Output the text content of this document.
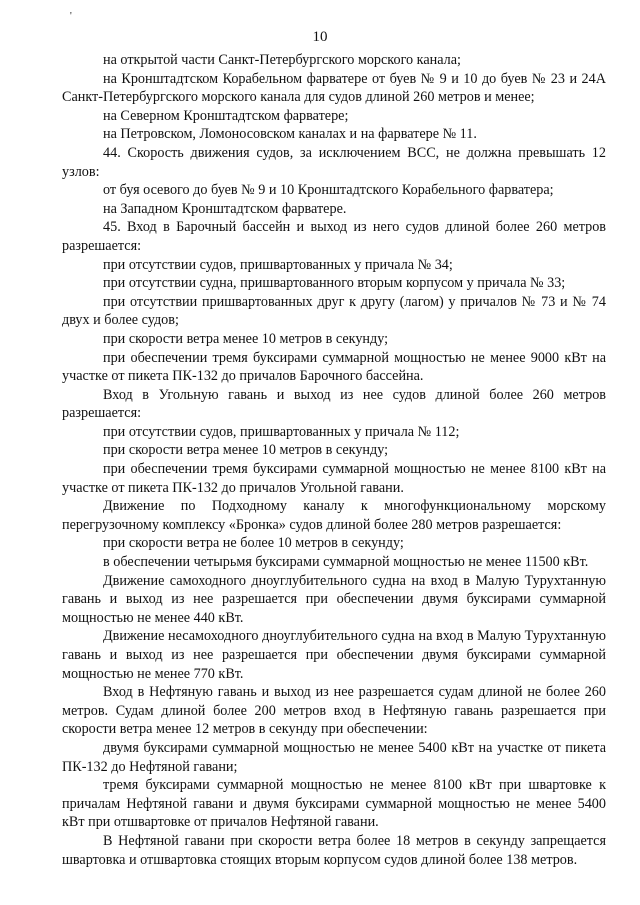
'
10

на открытой части Санкт-Петербургского морского канала;

на Кронштадтском Корабельном фарватере от буев № 9 и 10 до буев № 23 и 24А Санкт-Петербургского морского канала для судов длиной 260 метров и менее;

на Северном Кронштадтском фарватере;

на Петровском, Ломоносовском каналах и на фарватере № 11.

44. Скорость движения судов, за исключением ВСС, не должна превышать 12 узлов:

от буя осевого до буев № 9 и 10 Кронштадтского Корабельного фарватера;

на Западном Кронштадтском фарватере.

45. Вход в Барочный бассейн и выход из него судов длиной более 260 метров разрешается:

при отсутствии судов, пришвартованных у причала № 34;

при отсутствии судна, пришвартованного вторым корпусом у причала № 33;

при отсутствии пришвартованных друг к другу (лагом) у причалов № 73 и № 74 двух и более судов;

при скорости ветра менее 10 метров в секунду;

при обеспечении тремя буксирами суммарной мощностью не менее 9000 кВт на участке от пикета ПК-132 до причалов Барочного бассейна.

Вход в Угольную гавань и выход из нее судов длиной более 260 метров разрешается:

при отсутствии судов, пришвартованных у причала № 112;

при скорости ветра менее 10 метров в секунду;

при обеспечении тремя буксирами суммарной мощностью не менее 8100 кВт на участке от пикета ПК-132 до причалов Угольной гавани.

Движение по Подходному каналу к многофункциональному морскому перегрузочному комплексу «Бронка» судов длиной более 280 метров разрешается:

при скорости ветра не более 10 метров в секунду;

в обеспечении четырьмя буксирами суммарной мощностью не менее 11500 кВт.

Движение самоходного дноуглубительного судна на вход в Малую Турухтанную гавань и выход из нее разрешается при обеспечении двумя буксирами суммарной мощностью не менее 440 кВт.

Движение несамоходного дноуглубительного судна на вход в Малую Турухтанную гавань и выход из нее разрешается при обеспечении двумя буксирами суммарной мощностью не менее 770 кВт.

Вход в Нефтяную гавань и выход из нее разрешается судам длиной не более 260 метров. Судам длиной более 200 метров вход в Нефтяную гавань разрешается при скорости ветра менее 12 метров в секунду при обеспечении:

двумя буксирами суммарной мощностью не менее 5400 кВт на участке от пикета ПК-132 до Нефтяной гавани;

тремя буксирами суммарной мощностью не менее 8100 кВт при швартовке к причалам Нефтяной гавани и двумя буксирами суммарной мощностью не менее 5400 кВт при отшвартовке от причалов Нефтяной гавани.

В Нефтяной гавани при скорости ветра более 18 метров в секунду запрещается швартовка и отшвартовка стоящих вторым корпусом судов длиной более 138 метров.
